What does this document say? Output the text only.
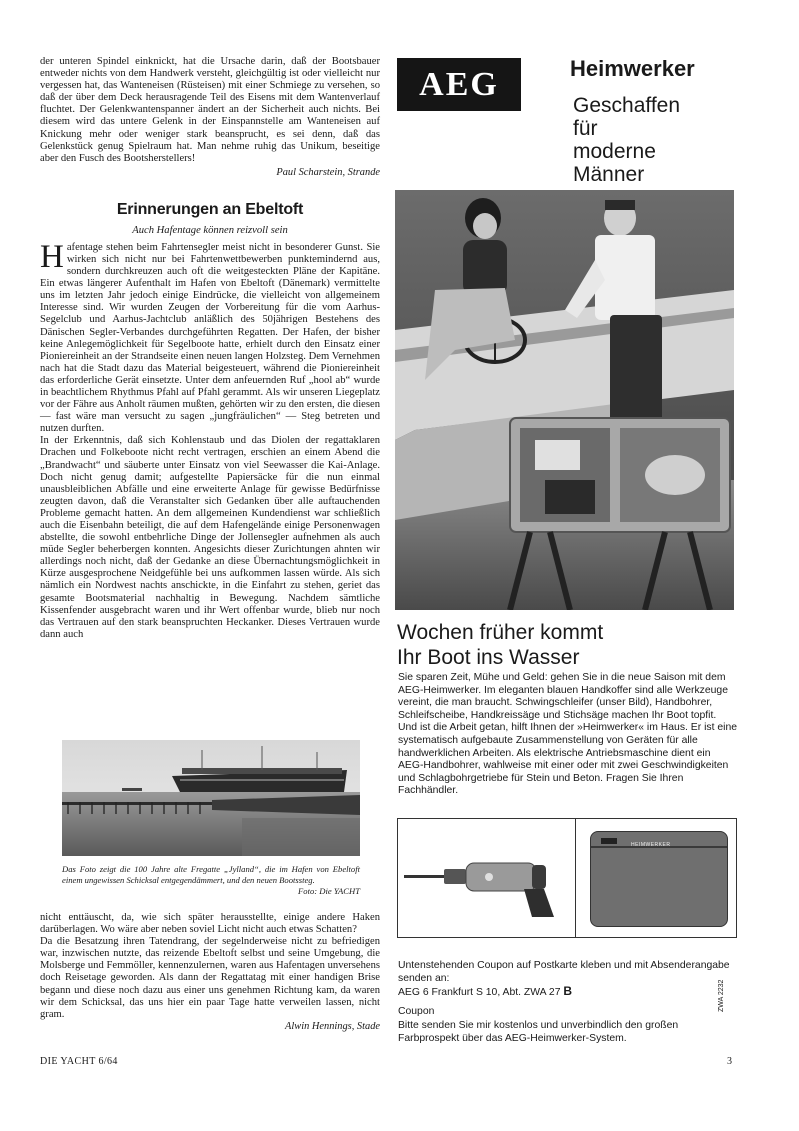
der unteren Spindel einknickt, hat die Ursache darin, daß der Bootsbauer entweder nichts von dem Handwerk versteht, gleichgültig ist oder vielleicht nur vergessen hat, das Wanteneisen (Rüsteisen) mit einer Schmiege zu versehen, so daß der über dem Deck herausragende Teil des Eisens mit dem Wantenverlauf fluchtet. Der Gelenkwantenspanner ändert an der Sicherheit auch nichts. Bei diesem wird das untere Gelenk in der Einspannstelle am Wanteneisen auf Knickung mehr oder weniger stark beansprucht, es sei denn, daß das Gelenkstück genug Spielraum hat. Man nehme ruhig das Unikum, beseitige aber den Fusch des Bootsherstellers!

Paul Scharstein, Strande

Erinnerungen an Ebeltoft
Auch Hafentage können reizvoll sein

Hafentage stehen beim Fahrtensegler meist nicht in besonderer Gunst. Sie wirken sich nicht nur bei Fahrtenwettbewerben punktemindernd aus, sondern durchkreuzen auch oft die weitgesteckten Pläne der Kapitäne. Ein etwas längerer Aufenthalt im Hafen von Ebeltoft (Dänemark) vermittelte uns im letzten Jahr jedoch einige Eindrücke, die vielleicht von allgemeinem Interesse sind. Wir wurden Zeugen der Vorbereitung für die vom Aarhus-Segelclub und Aarhus-Jachtclub anläßlich des 50jährigen Bestehens des Dänischen Segler-Verbandes durchgeführten Regatten. Der Hafen, der bisher keine Anlegemöglichkeit für Segelboote hatte, erhielt durch den Einsatz einer Pioniereinheit an der Strandseite einen neuen langen Holzsteg. Dem Vernehmen nach hat die Stadt dazu das Material beigesteuert, während die Pioniereinheit das erforderliche Gerät einsetzte. Unter dem anfeuernden Ruf „hool ab“ wurde in beachtlichem Rhythmus Pfahl auf Pfahl gerammt. Als wir unseren Liegeplatz vor der Fähre aus Anholt räumen mußten, gehörten wir zu den ersten, die diesen — fast wäre man versucht zu sagen „jungfräulichen“ — Steg betreten und nutzen durften.

In der Erkenntnis, daß sich Kohlenstaub und das Diolen der regattaklaren Drachen und Folkeboote nicht recht vertragen, erschien an einem Abend die „Brandwacht“ und säuberte unter Einsatz von viel Seewasser die Kai-Anlage. Doch nicht genug damit; aufgestellte Papiersäcke für die nun einmal unausbleiblichen Abfälle und eine erweiterte Anlage für gewisse Bedürfnisse zeugten davon, daß die Veranstalter sich Gedanken über alle auftauchenden Probleme gemacht hatten. An dem allgemeinen Kundendienst war schließlich auch die Eisenbahn beteiligt, die auf dem Hafengelände einige Personenwagen abstellte, die sowohl entbehrliche Dinge der Jollensegler aufnehmen als auch müde Segler beherbergen konnten. Angesichts dieser Zurichtungen ahnten wir allerdings noch nicht, daß der Gedanke an diese Übernachtungsmöglichkeit in Kürze ausgesprochene Neidgefühle bei uns aufkommen lassen würde. Als sich nämlich ein Nordwest nachts anschickte, in die Einfahrt zu stehen, geriet das gesamte Bootsmaterial nachhaltig in Bewegung. Nachdem sämtliche Kissenfender ausgebracht waren und ihr Wert offenbar wurde, blieb nur noch das Vertrauen auf den stark beanspruchten Heckanker. Dieses Vertrauen wurde dann auch

Das Foto zeigt die 100 Jahre alte Fregatte „Jylland“, die im Hafen von Ebeltoft einem ungewissen Schicksal entgegendämmert, und den neuen Bootssteg.
Foto: Die YACHT

nicht enttäuscht, da, wie sich später herausstellte, einige andere Haken darüberlagen. Wo wäre aber neben soviel Licht nicht auch etwas Schatten?

Da die Besatzung ihren Tatendrang, der segelnderweise nicht zu befriedigen war, inzwischen nutzte, das reizende Ebeltoft selbst und seine Umgebung, die Molsberge und Femmöller, kennenzulernen, waren aus Hafentagen unversehens doch Reisetage geworden. Als dann der Regattatag mit einer handigen Brise begann und diese noch dazu aus einer uns genehmen Richtung kam, da waren wir dem Schicksal, das uns hier ein paar Tage hatte verweilen lassen, nicht gram.

Alwin Hennings, Stade

DIE YACHT 6/64	3
AEG	Heimwerker
Geschaffen
für
moderne
Männer
Wochen früher kommt
Ihr Boot ins Wasser
Sie sparen Zeit, Mühe und Geld: gehen Sie in die neue Saison mit dem AEG-Heimwerker. Im eleganten blauen Handkoffer sind alle Werkzeuge vereint, die man braucht. Schwingschleifer (unser Bild), Handbohrer, Schleifscheibe, Handkreissäge und Stichsäge machen Ihr Boot topfit. Und ist die Arbeit getan, hilft Ihnen der »Heimwerker« im Haus. Er ist eine systematisch aufgebaute Zusammenstellung von Geräten für alle handwerklichen Arbeiten. Als elektrische Antriebsmaschine dient ein AEG-Handbohrer, wahlweise mit einer oder mit zwei Geschwindigkeiten und Schlagbohrgetriebe für Stein und Beton. Fragen Sie Ihren Fachhändler.
HEIMWERKER
Untenstehenden Coupon auf Postkarte kleben und mit Absenderangabe senden an:
AEG 6 Frankfurt S 10, Abt. ZWA 27 B
Coupon
Bitte senden Sie mir kostenlos und unverbindlich den großen Farbprospekt über das AEG-Heimwerker-System.
ZWA 2232
